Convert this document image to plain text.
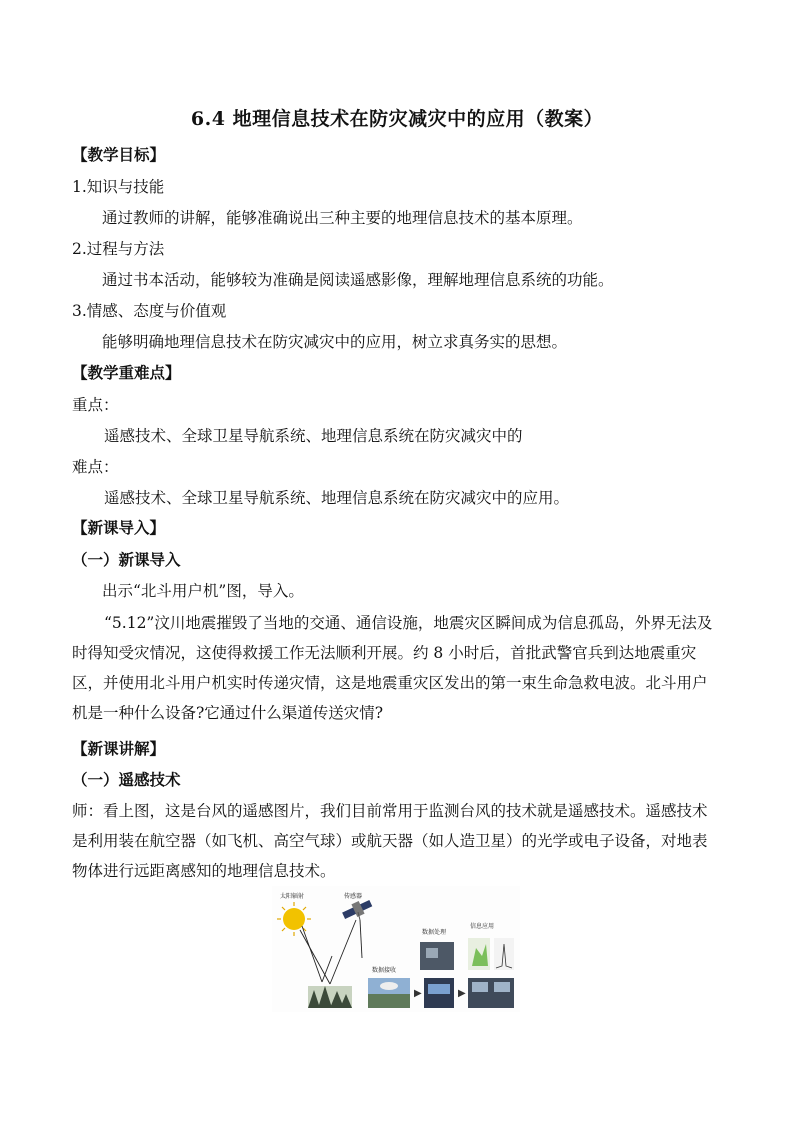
6.4 地理信息技术在防灾减灾中的应用（教案）
【教学目标】
1.知识与技能
通过教师的讲解，能够准确说出三种主要的地理信息技术的基本原理。
2.过程与方法
通过书本活动，能够较为准确是阅读遥感影像，理解地理信息系统的功能。
3.情感、态度与价值观
能够明确地理信息技术在防灾减灾中的应用，树立求真务实的思想。
【教学重难点】
重点：
遥感技术、全球卫星导航系统、地理信息系统在防灾减灾中的
难点：
遥感技术、全球卫星导航系统、地理信息系统在防灾减灾中的应用。
【新课导入】
（一）新课导入
出示“北斗用户机”图，导入。
“5.12”汶川地震摧毁了当地的交通、通信设施，地震灾区瞬间成为信息孤岛，外界无法及时得知受灾情况，这使得救援工作无法顺利开展。约 8 小时后，首批武警官兵到达地震重灾区，并使用北斗用户机实时传递灾情，这是地震重灾区发出的第一束生命急救电波。北斗用户机是一种什么设备?它通过什么渠道传送灾情?
【新课讲解】
（一）遥感技术
师：看上图，这是台风的遥感图片，我们目前常用于监测台风的技术就是遥感技术。遥感技术是利用装在航空器（如飞机、高空气球）或航天器（如人造卫星）的光学或电子设备，对地表物体进行远距离感知的地理信息技术。
太阳辐射	传感器
数据接收
▶
数据处理
▶
信息应用
